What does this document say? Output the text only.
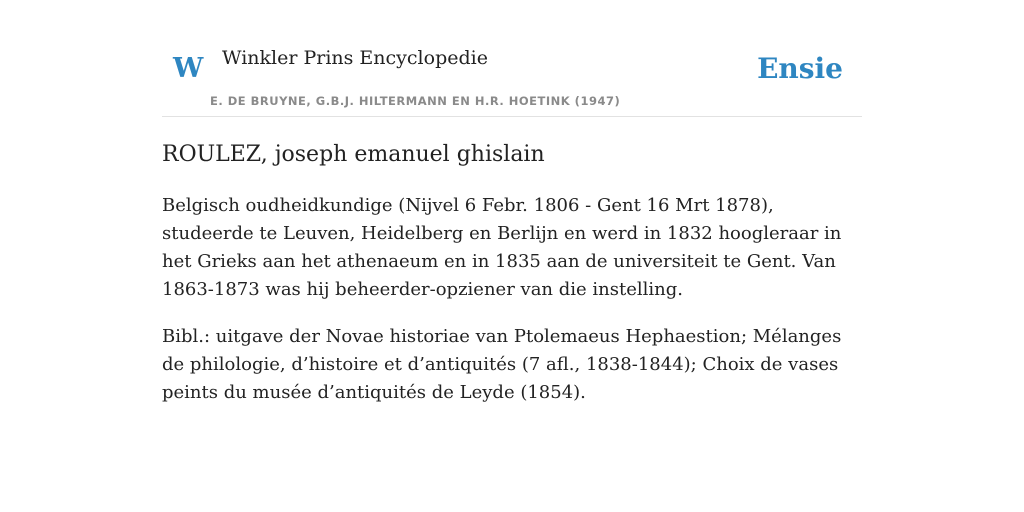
W Winkler Prins Encyclopedie
E. DE BRUYNE, G.B.J. HILTERMANN EN H.R. HOETINK (1947)
Ensie
ROULEZ, joseph emanuel ghislain

Belgisch oudheidkundige (Nijvel 6 Febr. 1806 - Gent 16 Mrt 1878), studeerde te Leuven, Heidelberg en Berlijn en werd in 1832 hoogleraar in het Grieks aan het athenaeum en in 1835 aan de universiteit te Gent. Van 1863-1873 was hij beheerder-opziener van die instelling.

Bibl.: uitgave der Novae historiae van Ptolemaeus Hephaestion; Mélanges de philologie, d’histoire et d’antiquités (7 afl., 1838-1844); Choix de vases peints du musée d’antiquités de Leyde (1854).
